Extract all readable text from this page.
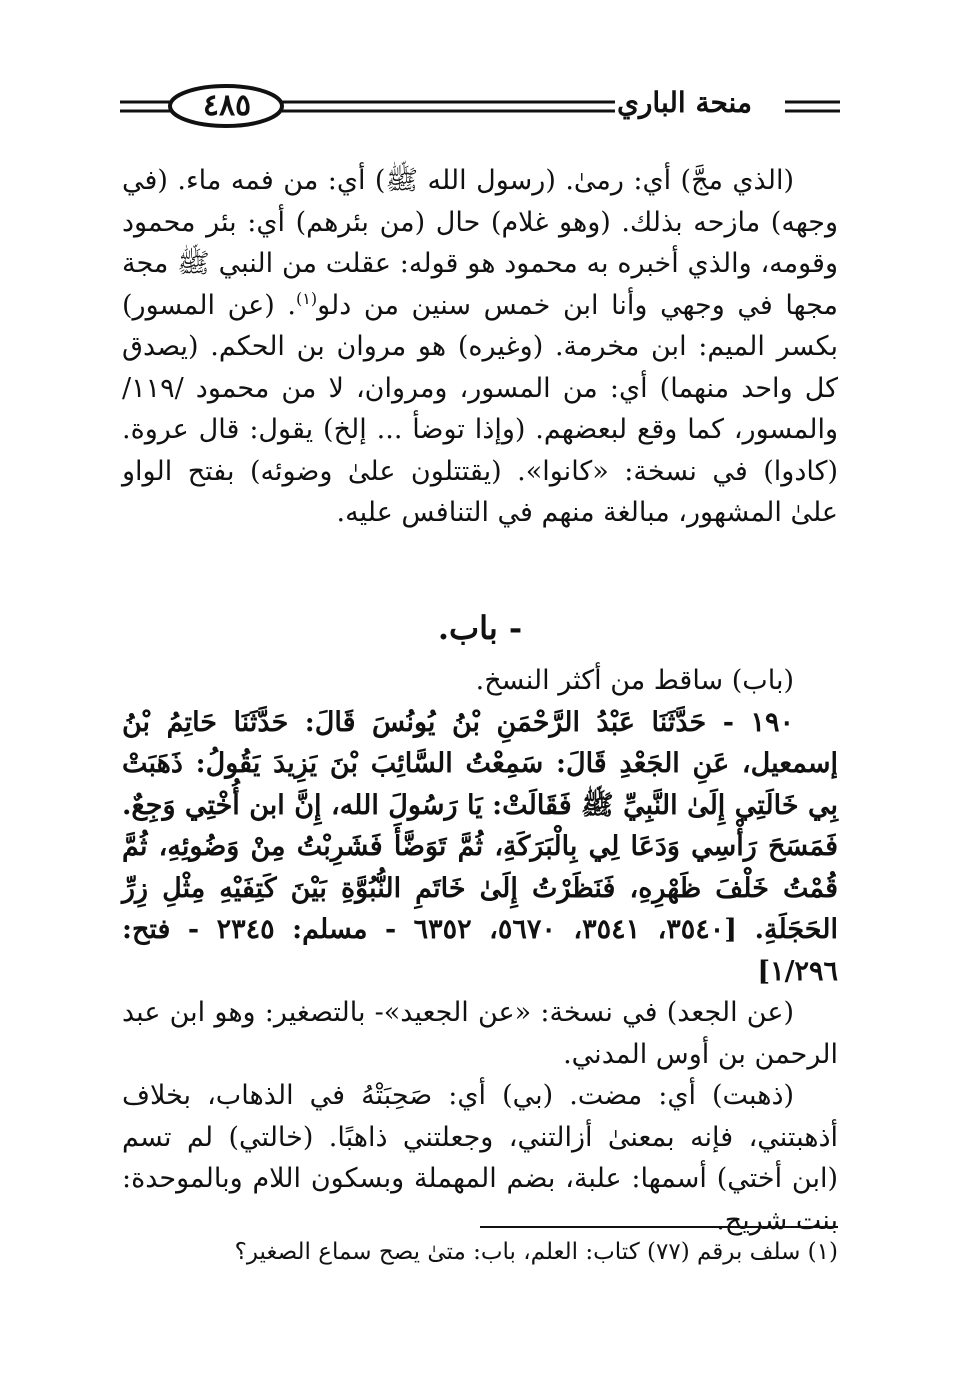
٤٨٥	منحة الباري

(الذي مجَّ) أي: رمىٰ. (رسول الله ﷺ) أي: من فمه ماء. (في وجهه) مازحه بذلك. (وهو غلام) حال (من بئرهم) أي: بئر محمود وقومه، والذي أخبره به محمود هو قوله: عقلت من النبي ﷺ مجة مجها في وجهي وأنا ابن خمس سنين من دلو$^{(١)}$. (عن المسور) بكسر الميم: ابن مخرمة. (وغيره) هو مروان بن الحكم. (يصدق كل واحد منهما) أي: من المسور، ومروان، لا من محمود /١١٩/ والمسور، كما وقع لبعضهم. (وإذا توضأ ... إلخ) يقول: قال عروة. (كادوا) في نسخة: «كانوا». (يقتتلون علىٰ وضوئه) بفتح الواو علىٰ المشهور، مبالغة منهم في التنافس عليه.

- باب.

(باب) ساقط من أكثر النسخ.

١٩٠ - حَدَّثَنَا عَبْدُ الرَّحْمَنِ بْنُ يُونُسَ قَالَ: حَدَّثَنَا حَاتِمُ بْنُ إسمعيل، عَنِ الجَعْدِ قَالَ: سَمِعْتُ السَّائِبَ بْنَ يَزِيدَ يَقُولُ: ذَهَبَتْ بِي خَالَتِي إِلَىٰ النَّبِيِّ ﷺ فَقَالَتْ: يَا رَسُولَ الله، إِنَّ ابن أُخْتِي وَجِعٌ. فَمَسَحَ رَأْسِي وَدَعَا لِي بِالْبَرَكَةِ، ثُمَّ تَوَضَّأَ فَشَرِبْتُ مِنْ وَضُوئِهِ، ثُمَّ قُمْتُ خَلْفَ ظَهْرِهِ، فَنَظَرْتُ إِلَىٰ خَاتَمِ النُّبُوَّةِ بَيْنَ كَتِفَيْهِ مِثْلِ زِرِّ الحَجَلَةِ. [٣٥٤٠، ٣٥٤١، ٥٦٧٠، ٦٣٥٢ - مسلم: ٢٣٤٥ - فتح: ١/٢٩٦]

(عن الجعد) في نسخة: «عن الجعيد»- بالتصغير: وهو ابن عبد الرحمن بن أوس المدني.

(ذهبت) أي: مضت. (بي) أي: صَحِبَتْهُ في الذهاب، بخلاف أذهبتني، فإنه بمعنىٰ أزالتني، وجعلتني ذاهبًا. (خالتي) لم تسم (ابن أختي) أسمها: علبة، بضم المهملة وبسكون اللام وبالموحدة: بنت شريح.

(١) سلف برقم (٧٧) كتاب: العلم، باب: متىٰ يصح سماع الصغير؟
